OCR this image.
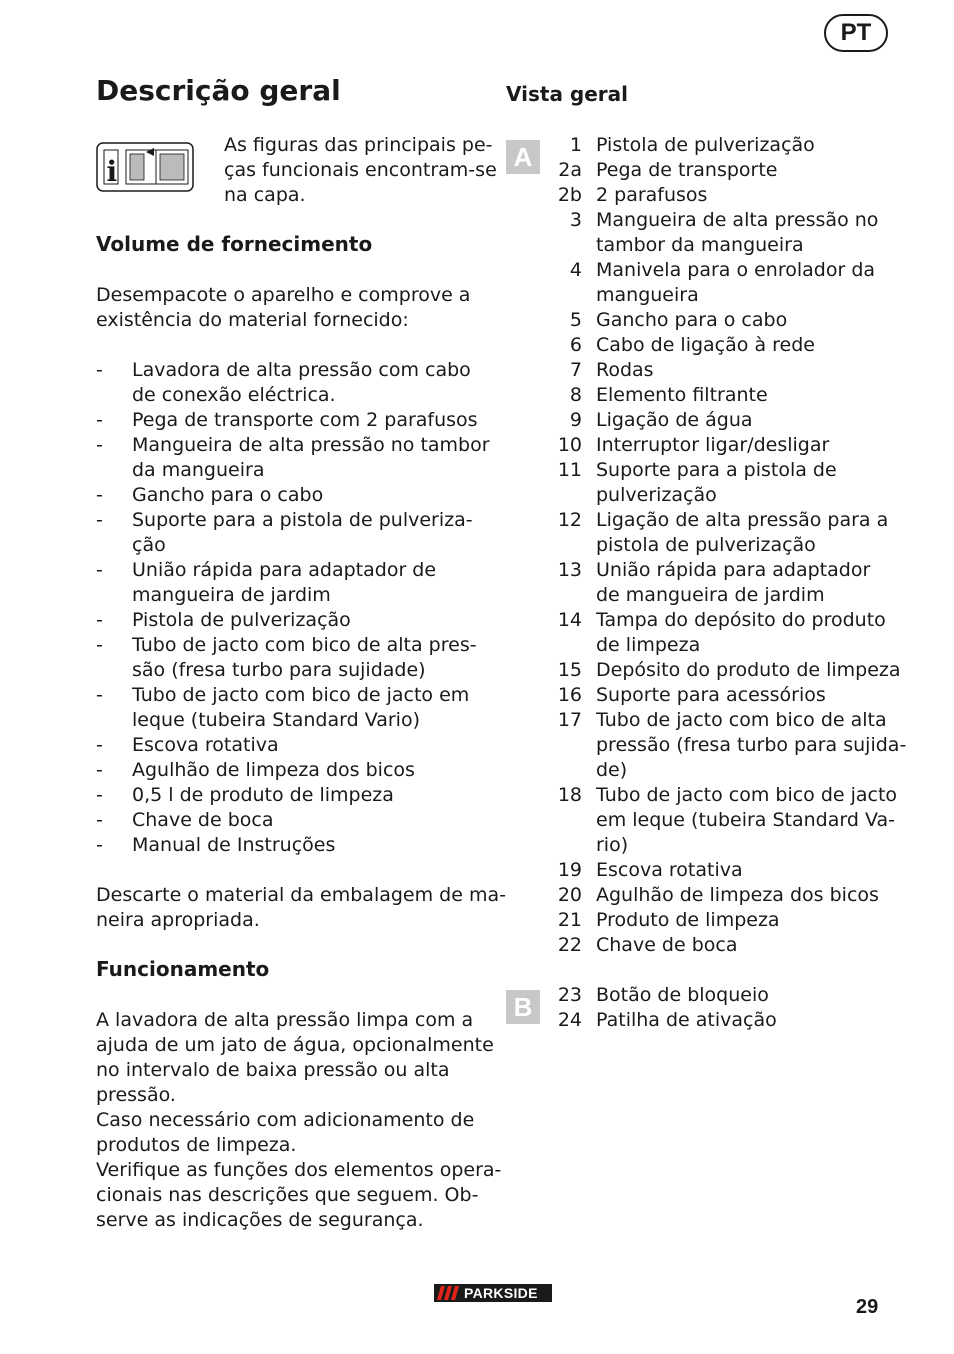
PT
Descrição geral
i
As figuras das principais pe-
ças funcionais encontram-se
na capa.
Volume de fornecimento
Desempacote o aparelho e comprove a
existência do material fornecido:
- Lavadora de alta pressão com cabo
de conexão eléctrica.
- Pega de transporte com 2 parafusos
- Mangueira de alta pressão no tambor
da mangueira
- Gancho para o cabo
- Suporte para a pistola de pulveriza-
ção
- União rápida para adaptador de
mangueira de jardim
- Pistola de pulverização
- Tubo de jacto com bico de alta pres-
são (fresa turbo para sujidade)
- Tubo de jacto com bico de jacto em
leque (tubeira Standard Vario)
- Escova rotativa
- Agulhão de limpeza dos bicos
- 0,5 l de produto de limpeza
- Chave de boca
- Manual de Instruções
Descarte o material da embalagem de ma-
neira apropriada.
Funcionamento
A lavadora de alta pressão limpa com a
ajuda de um jato de água, opcionalmente
no intervalo de baixa pressão ou alta
pressão.
Caso necessário com adicionamento de
produtos de limpeza.
Verifique as funções dos elementos opera-
cionais nas descrições que seguem. Ob-
serve as indicações de segurança.
Vista geral
A
B
1 Pistola de pulverização
2a Pega de transporte
2b 2 parafusos
3 Mangueira de alta pressão no
tambor da mangueira
4 Manivela para o enrolador da
mangueira
5 Gancho para o cabo
6 Cabo de ligação à rede
7 Rodas
8 Elemento filtrante
9 Ligação de água
10 Interruptor ligar/desligar
11 Suporte para a pistola de
pulverização
12 Ligação de alta pressão para a
pistola de pulverização
13 União rápida para adaptador
de mangueira de jardim
14 Tampa do depósito do produto
de limpeza
15 Depósito do produto de limpeza
16 Suporte para acessórios
17 Tubo de jacto com bico de alta
pressão (fresa turbo para sujida-
de)
18 Tubo de jacto com bico de jacto
em leque (tubeira Standard Va-
rio)
19 Escova rotativa
20 Agulhão de limpeza dos bicos
21 Produto de limpeza
22 Chave de boca
23 Botão de bloqueio
24 Patilha de ativação
PARKSIDE
29
